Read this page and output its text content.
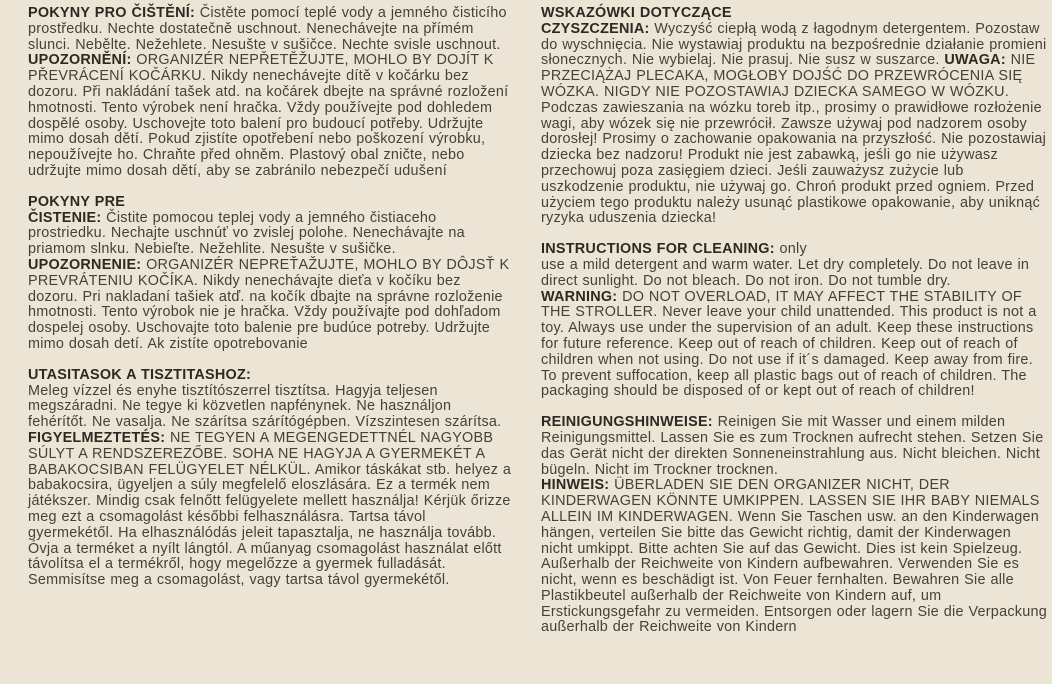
POKYNY PRO ČIŠTĚNÍ: Čistěte pomocí teplé vody a jemného čisticího prostředku. Nechte dostatečně uschnout. Nenechávejte na přímém slunci. Nebělte. Nežehlete. Nesušte v sušičce. Nechte svisle uschnout. UPOZORNĚNÍ: ORGANIZÉR NEPŘETĚŽUJTE, MOHLO BY DOJÍT K PŘEVRÁCENÍ KOČÁRKU. Nikdy nenechávejte dítě v kočárku bez dozoru. Při nakládání tašek atd. na kočárek dbejte na správné rozložení hmotnosti. Tento výrobek není hračka. Vždy používejte pod dohledem dospělé osoby. Uschovejte toto balení pro budoucí potřeby. Udržujte mimo dosah dětí. Pokud zjistíte opotřebení nebo poškození výrobku, nepoužívejte ho. Chraňte před ohněm. Plastový obal zničte, nebo udržujte mimo dosah dětí, aby se zabránilo nebezpečí udušení

POKYNY PRE
ČISTENIE: Čistite pomocou teplej vody a jemného čistiaceho prostriedku. Nechajte uschnúť vo zvislej polohe. Nenechávajte na priamom slnku. Nebieľte. Nežehlite. Nesušte v sušičke.
UPOZORNENIE: ORGANIZÉR NEPREŤAŽUJTE, MOHLO BY DÔJSŤ K PREVRÁTENIU KOČÍKA. Nikdy nenechávajte dieťa v kočíku bez dozoru. Pri nakladaní tašiek atď. na kočík dbajte na správne rozloženie hmotnosti. Tento výrobok nie je hračka. Vždy používajte pod dohľadom dospelej osoby. Uschovajte toto balenie pre budúce potreby. Udržujte mimo dosah detí. Ak zistíte opotrebovanie

UTASITASOK A TISZTITASHOZ:
Meleg vízzel és enyhe tisztítószerrel tisztítsa. Hagyja teljesen megszáradni. Ne tegye ki közvetlen napfénynek. Ne használjon fehérítőt. Ne vasalja. Ne szárítsa szárítógépben. Vízszintesen szárítsa. FIGYELMEZTETÉS: NE TEGYEN A MEGENGEDETTNÉL NAGYOBB SÚLYT A RENDSZEREZŐBE. SOHA NE HAGYJA A GYERMEKÉT A BABAKOCSIBAN FELÜGYELET NÉLKÜL. Amikor táskákat stb. helyez a babakocsira, ügyeljen a súly megfelelő eloszlására. Ez a termék nem játékszer. Mindig csak felnőtt felügyelete mellett használja! Kérjük őrizze meg ezt a csomagolást későbbi felhasználásra. Tartsa távol gyermekétől. Ha elhasználódás jeleit tapasztalja, ne használja tovább. Óvja a terméket a nyílt lángtól. A műanyag csomagolást használat előtt távolítsa el a termékről, hogy megelőzze a gyermek fulladását. Semmisítse meg a csomagolást, vagy tartsa távol gyermekétől.

WSKAZÓWKI DOTYCZĄCE
CZYSZCZENIA: Wyczyść ciepłą wodą z łagodnym detergentem. Pozostaw do wyschnięcia. Nie wystawiaj produktu na bezpośrednie działanie promieni słonecznych. Nie wybielaj. Nie prasuj. Nie susz w suszarce. UWAGA: NIE PRZECIĄŻAJ PLECAKA, MOGŁOBY DOJŚĆ DO PRZEWRÓCENIA SIĘ WÓZKA. NIGDY NIE POZOSTAWIAJ DZIECKA SAMEGO W WÓZKU. Podczas zawieszania na wózku toreb itp., prosimy o prawidłowe rozłożenie wagi, aby wózek się nie przewrócił. Zawsze używaj pod nadzorem osoby dorosłej! Prosimy o zachowanie opakowania na przyszłość. Nie pozostawiaj dziecka bez nadzoru! Produkt nie jest zabawką, jeśli go nie używasz przechowuj poza zasięgiem dzieci. Jeśli zauważysz zużycie lub uszkodzenie produktu, nie używaj go. Chroń produkt przed ogniem. Przed użyciem tego produktu należy usunąć plastikowe opakowanie, aby uniknąć ryzyka uduszenia dziecka!

INSTRUCTIONS FOR CLEANING: only
use a mild detergent and warm water. Let dry completely. Do not leave in direct sunlight. Do not bleach. Do not iron. Do not tumble dry.
WARNING: DO NOT OVERLOAD, IT MAY AFFECT THE STABILITY OF THE STROLLER. Never leave your child unattended. This product is not a toy. Always use under the supervision of an adult. Keep these instructions for future reference. Keep out of reach of children. Keep out of reach of children when not using. Do not use if it´s damaged. Keep away from fire. To prevent suffocation, keep all plastic bags out of reach of children. The packaging should be disposed of or kept out of reach of children!

REINIGUNGSHINWEISE: Reinigen Sie mit Wasser und einem milden Reinigungsmittel. Lassen Sie es zum Trocknen aufrecht stehen. Setzen Sie das Gerät nicht der direkten Sonneneinstrahlung aus. Nicht bleichen. Nicht bügeln. Nicht im Trockner trocknen.
HINWEIS: ÜBERLADEN SIE DEN ORGANIZER NICHT, DER KINDERWAGEN KÖNNTE UMKIPPEN. LASSEN SIE IHR BABY NIEMALS ALLEIN IM KINDERWAGEN. Wenn Sie Taschen usw. an den Kinderwagen hängen, verteilen Sie bitte das Gewicht richtig, damit der Kinderwagen nicht umkippt. Bitte achten Sie auf das Gewicht. Dies ist kein Spielzeug. Außerhalb der Reichweite von Kindern aufbewahren. Verwenden Sie es nicht, wenn es beschädigt ist. Von Feuer fernhalten. Bewahren Sie alle Plastikbeutel außerhalb der Reichweite von Kindern auf, um Erstickungsgefahr zu vermeiden. Entsorgen oder lagern Sie die Verpackung außerhalb der Reichweite von Kindern
